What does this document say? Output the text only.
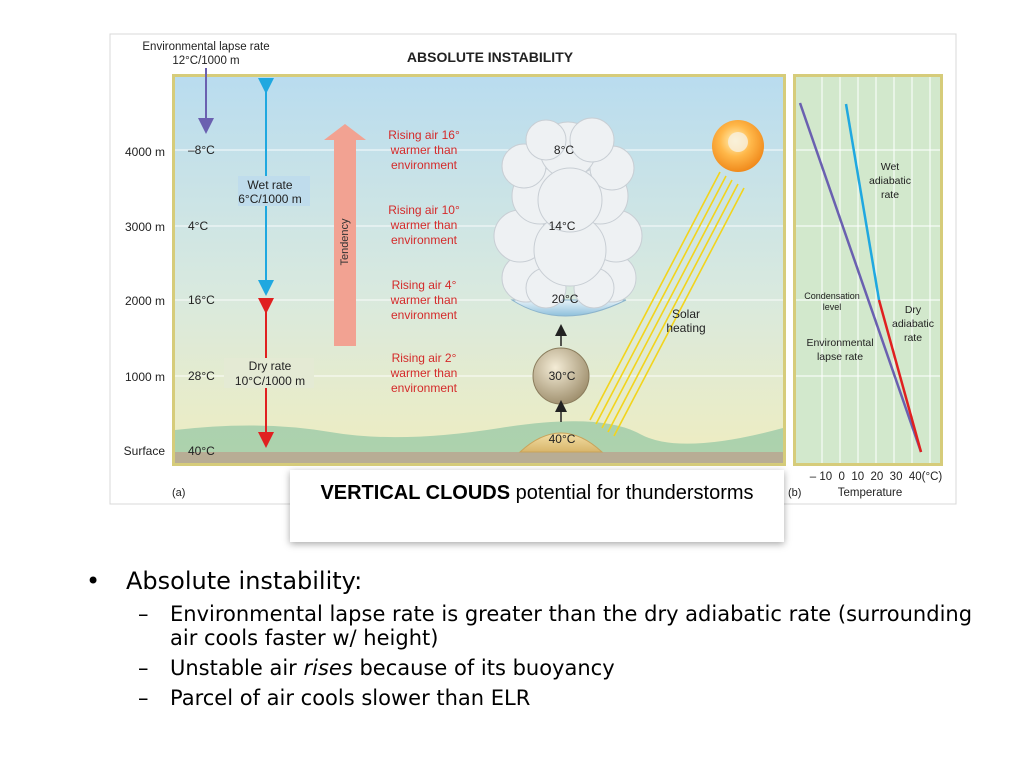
Environmental lapse rate
12°C/1000 m	ABSOLUTE INSTABILITY
4000 m
3000 m
2000 m
1000 m
Surface
–8°C
4°C
16°C
28°C
40°C
Wet rate
6°C/1000 m
Dry rate
10°C/1000 m
Tendency
Rising air 16°
warmer than
environment
Rising air 10°
warmer than
environment
Rising air 4°
warmer than
environment
Rising air 2°
warmer than
environment
8°C
14°C
20°C
30°C
40°C
Solar
heating
(a)
Wet
adiabatic
rate
Condensation
level	Dry
adiabatic
rate
Environmental
lapse rate
(b)
– 10  0  10  20  30  40(°C)
Temperature
VERTICAL CLOUDS potential for thunderstorms
• Absolute instability:
– Environmental lapse rate is greater than the dry adiabatic rate (surrounding air cools faster w/ height)
– Unstable air rises because of its buoyancy
– Parcel of air cools slower than ELR
